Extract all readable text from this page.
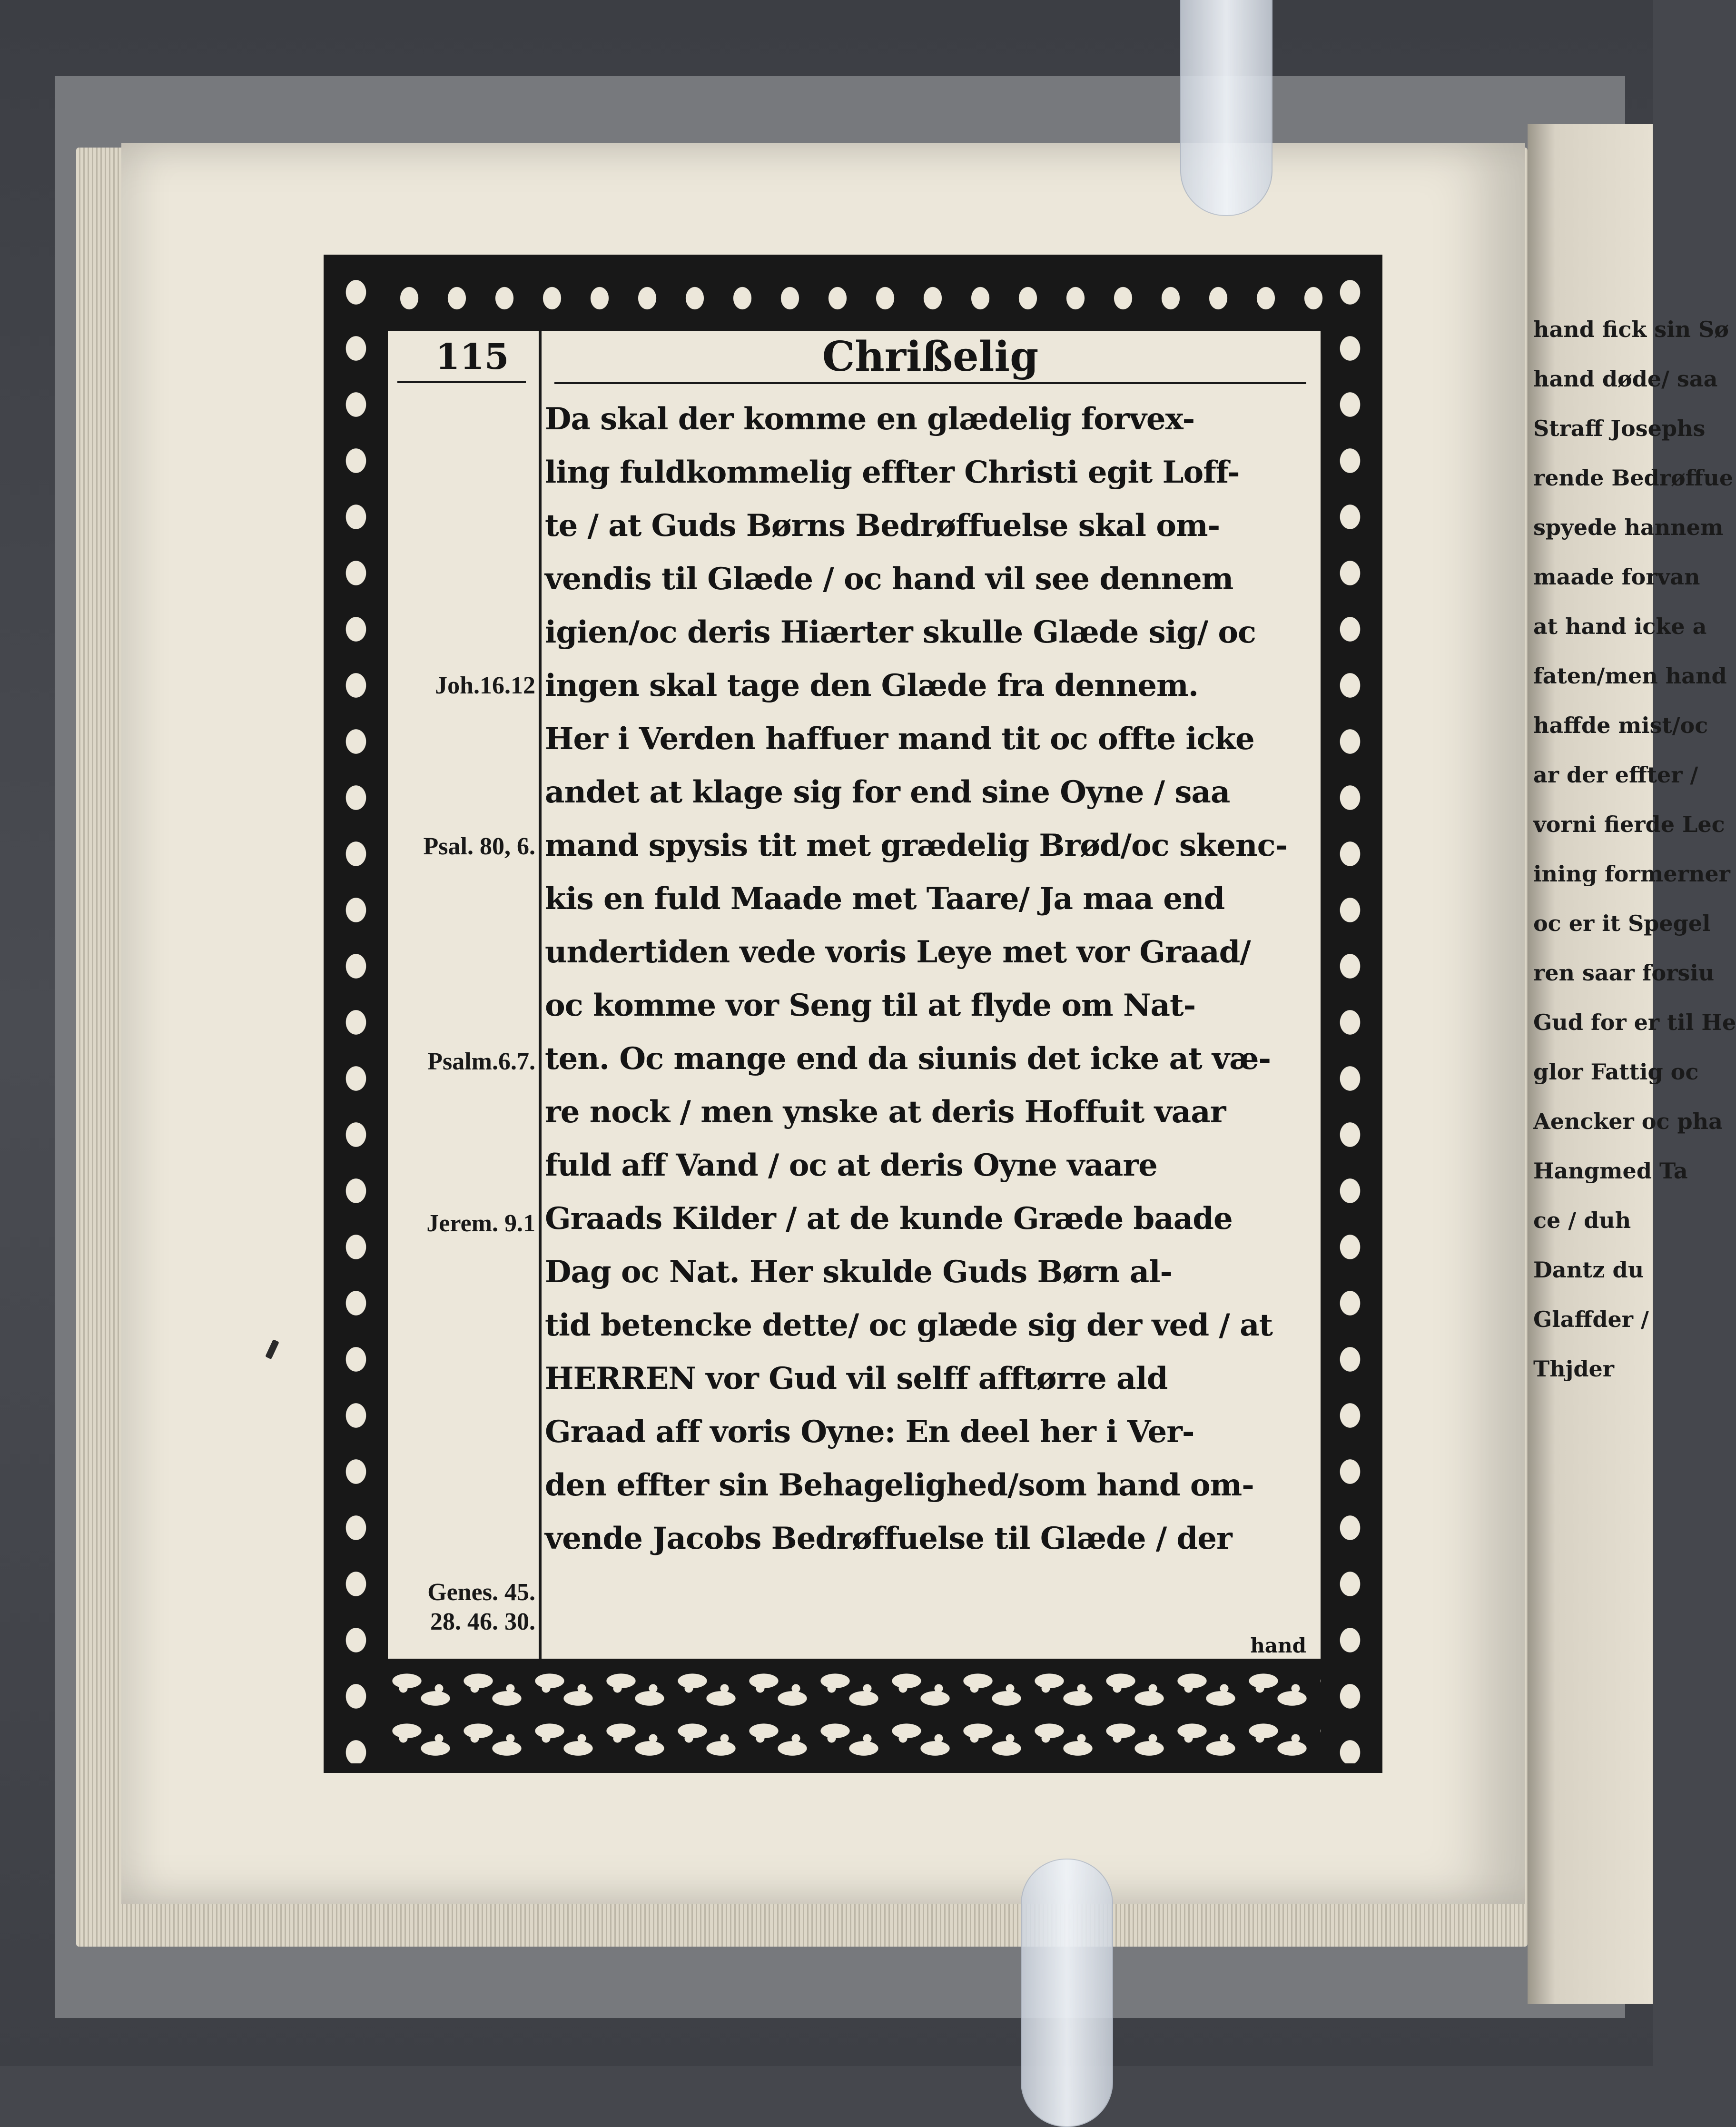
hand fick sin Sø
hand døde/ saa
Straff Josephs
rende Bedrøffue
spyede hannem
maade forvan
at hand icke a
faten/men hand
haffde mist/oc
ar der effter /
vorni fierde Lec
ining formerner
oc er it Spegel
ren saar forsiu
Gud for er til He
glor Fattig oc
Aencker oc pha
Hangmed Ta
ce / duh
Dantz du
Glaffder /
Thjder
115	Chrißelig
Joh.16.12
Psal. 80, 6.
Psalm.6.7.
Jerem. 9.1
Genes. 45.
28. 46. 30.
Da skal der komme en glædelig forvex-
ling fuldkommelig effter Christi egit Loff-
te / at Guds Børns Bedrøffuelse skal om-
vendis til Glæde / oc hand vil see dennem
igien/oc deris Hiærter skulle Glæde sig/ oc
ingen skal tage den Glæde fra dennem.
Her i Verden haffuer mand tit oc offte icke
andet at klage sig for end sine Oyne / saa
mand spysis tit met grædelig Brød/oc skenc-
kis en fuld Maade met Taare/ Ja maa end
undertiden vede voris Leye met vor Graad/
oc komme vor Seng til at flyde om Nat-
ten. Oc mange end da siunis det icke at væ-
re nock / men ynske at deris Hoffuit vaar
fuld aff Vand / oc at deris Oyne vaare
Graads Kilder / at de kunde Græde baade
Dag oc Nat. Her skulde Guds Børn al-
tid betencke dette/ oc glæde sig der ved / at
HERREN vor Gud vil selff afftørre ald
Graad aff voris Oyne: En deel her i Ver-
den effter sin Behagelighed/som hand om-
vende Jacobs Bedrøffuelse til Glæde / der
hand
